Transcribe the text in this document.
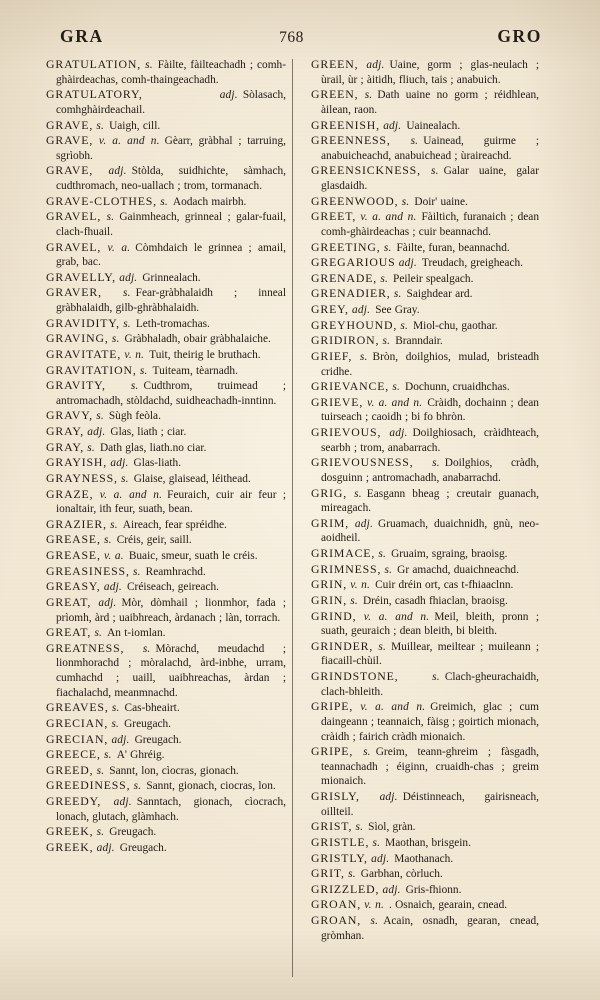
GRA	768	GRO

GRATULATION, s. Fàilte, fàilteachadh ; comh-ghàirdeachas, comh-thaingeachadh.

GRATULATORY,	adj. Sòlasach, comhghàirdeachail.

GRAVE, s. Uaigh, cill.

GRAVE, v. a. and n. Gèarr, gràbhal ; tarruing, sgrìobh.

GRAVE, adj. Stòlda, suidhichte, sàmhach, cudthromach, neo-uallach ; trom, tormanach.

GRAVE-CLOTHES, s. Aodach mairbh.

GRAVEL, s. Gainmheach, grinneal ; galar-fuail, clach-fhuail.

GRAVEL, v. a. Còmhdaich le grinnea ; amail, grab, bac.

GRAVELLY, adj. Grinnealach.

GRAVER, s. Fear-gràbhalaidh ; inneal gràbhalaidh, gilb-ghràbhalaidh.

GRAVIDITY, s. Leth-tromachas.

GRAVING, s. Gràbhaladh, obair gràbhalaiche.

GRAVITATE, v. n. Tuit, theirig le bruthach.

GRAVITATION, s. Tuiteam, tèarnadh.

GRAVITY, s. Cudthrom, truimead ; antromachadh, stòldachd, suidheachadh-inntinn.

GRAVY, s. Sùgh feòla.

GRAY, adj. Glas, liath ; ciar.

GRAY, s. Dath glas, liath.no ciar.

GRAYISH, adj. Glas-liath.

GRAYNESS, s. Glaise, glaisead, léithead.

GRAZE, v. a. and n. Feuraich, cuir air feur ; ionaltair, ith feur, suath, bean.

GRAZIER, s. Aireach, fear spréidhe.

GREASE, s. Créis, geir, saill.

GREASE, v. a. Buaic, smeur, suath le créis.

GREASINESS, s. Reamhrachd.

GREASY, adj. Créiseach, geireach.

GREAT, adj. Mòr, dòmhail ; lionmhor, fada ; prìomh, àrd ; uaibhreach, àrdanach ; làn, torrach.

GREAT, s. An t-iomlan.

GREATNESS, s. Mòrachd, meudachd ; lionmhorachd ; mòralachd, àrd-inbhe, urram, cumhachd ; uaill, uaibhreachas, àrdan ; fiachalachd, meanmnachd.

GREAVES, s. Cas-bheairt.

GRECIAN, s. Greugach.

GRECIAN, adj. Greugach.

GREECE, s. A' Ghréig.

GREED, s. Sannt, lon, cìocras, gionach.

GREEDINESS, s. Sannt, gionach, ciocras, lon.

GREEDY, adj. Sanntach, gionach, cìocrach, lonach, glutach, glàmhach.

GREEK, s. Greugach.

GREEK, adj. Greugach.

GREEN, adj. Uaine, gorm ; glas-neulach ; ùrail, ùr ; àitidh, fliuch, tais ; anabuich.

GREEN, s. Dath uaine no gorm ; réidhlean, àilean, raon.

GREENISH, adj. Uainealach.

GREENNESS, s. Uainead, guirme ; anabuicheachd, anabuichead ; ùraireachd.

GREENSICKNESS, s. Galar uaine, galar glasdaidh.

GREENWOOD, s. Doir' uaine.

GREET, v. a. and n. Fàiltich, furanaich ; dean comh-ghàirdeachas ; cuir beannachd.

GREETING, s. Fàilte, furan, beannachd.

GREGARIOUS adj. Treudach, greigheach.

GRENADE, s. Peileir spealgach.

GRENADIER, s. Saighdear ard.

GREY, adj. See Gray.

GREYHOUND, s. Miol-chu, gaothar.

GRIDIRON, s. Branndair.

GRIEF, s. Bròn, doilghios, mulad, bristeadh cridhe.

GRIEVANCE, s. Dochunn, cruaidhchas.

GRIEVE, v. a. and n. Cràidh, dochainn ; dean tuirseach ; caoidh ; bi fo bhròn.

GRIEVOUS, adj. Doilghiosach, cràidhteach, searbh ; trom, anabarrach.

GRIEVOUSNESS, s. Doilghios, cràdh, dosguinn ; antromachadh, anabarrachd.

GRIG, s. Easgann bheag ; creutair guanach, mireagach.

GRIM, adj. Gruamach, duaichnidh, gnù, neo-aoidheil.

GRIMACE, s. Gruaim, sgraing, braoisg.

GRIMNESS, s. Gr amachd, duaichneachd.

GRIN, v. n. Cuir dréin ort, cas t-fhiaaclnn.

GRIN, s. Dréin, casadh fhiaclan, braoisg.

GRIND, v. a. and n. Meil, bleith, pronn ; suath, geuraich ; dean bleith, bi bleith.

GRINDER, s. Muillear, meiltear ; muileann ; fiacaill-chùil.

GRINDSTONE,	s. Clach-gheurachaidh, clach-bhleith.

GRIPE, v. a. and n. Greimich, glac ; cum daingeann ; teannaich, fàisg ; goirtich mionach, cràidh ; fairich cràdh mionaich.

GRIPE, s. Greim, teann-ghreim ; fàsgadh, teannachadh ; éiginn, cruaidh-chas ; greim mionaich.

GRISLY, adj. Déistinneach, gairisneach, oillteil.

GRIST, s. Sìol, gràn.

GRISTLE, s. Maothan, brisgein.

GRISTLY, adj. Maothanach.

GRIT, s. Garbhan, còrluch.

GRIZZLED, adj. Gris-fhionn.

GROAN, v. n. . Osnaich, gearain, cnead.

GROAN, s. Acain, osnadh, gearan, cnead, gròmhan.
